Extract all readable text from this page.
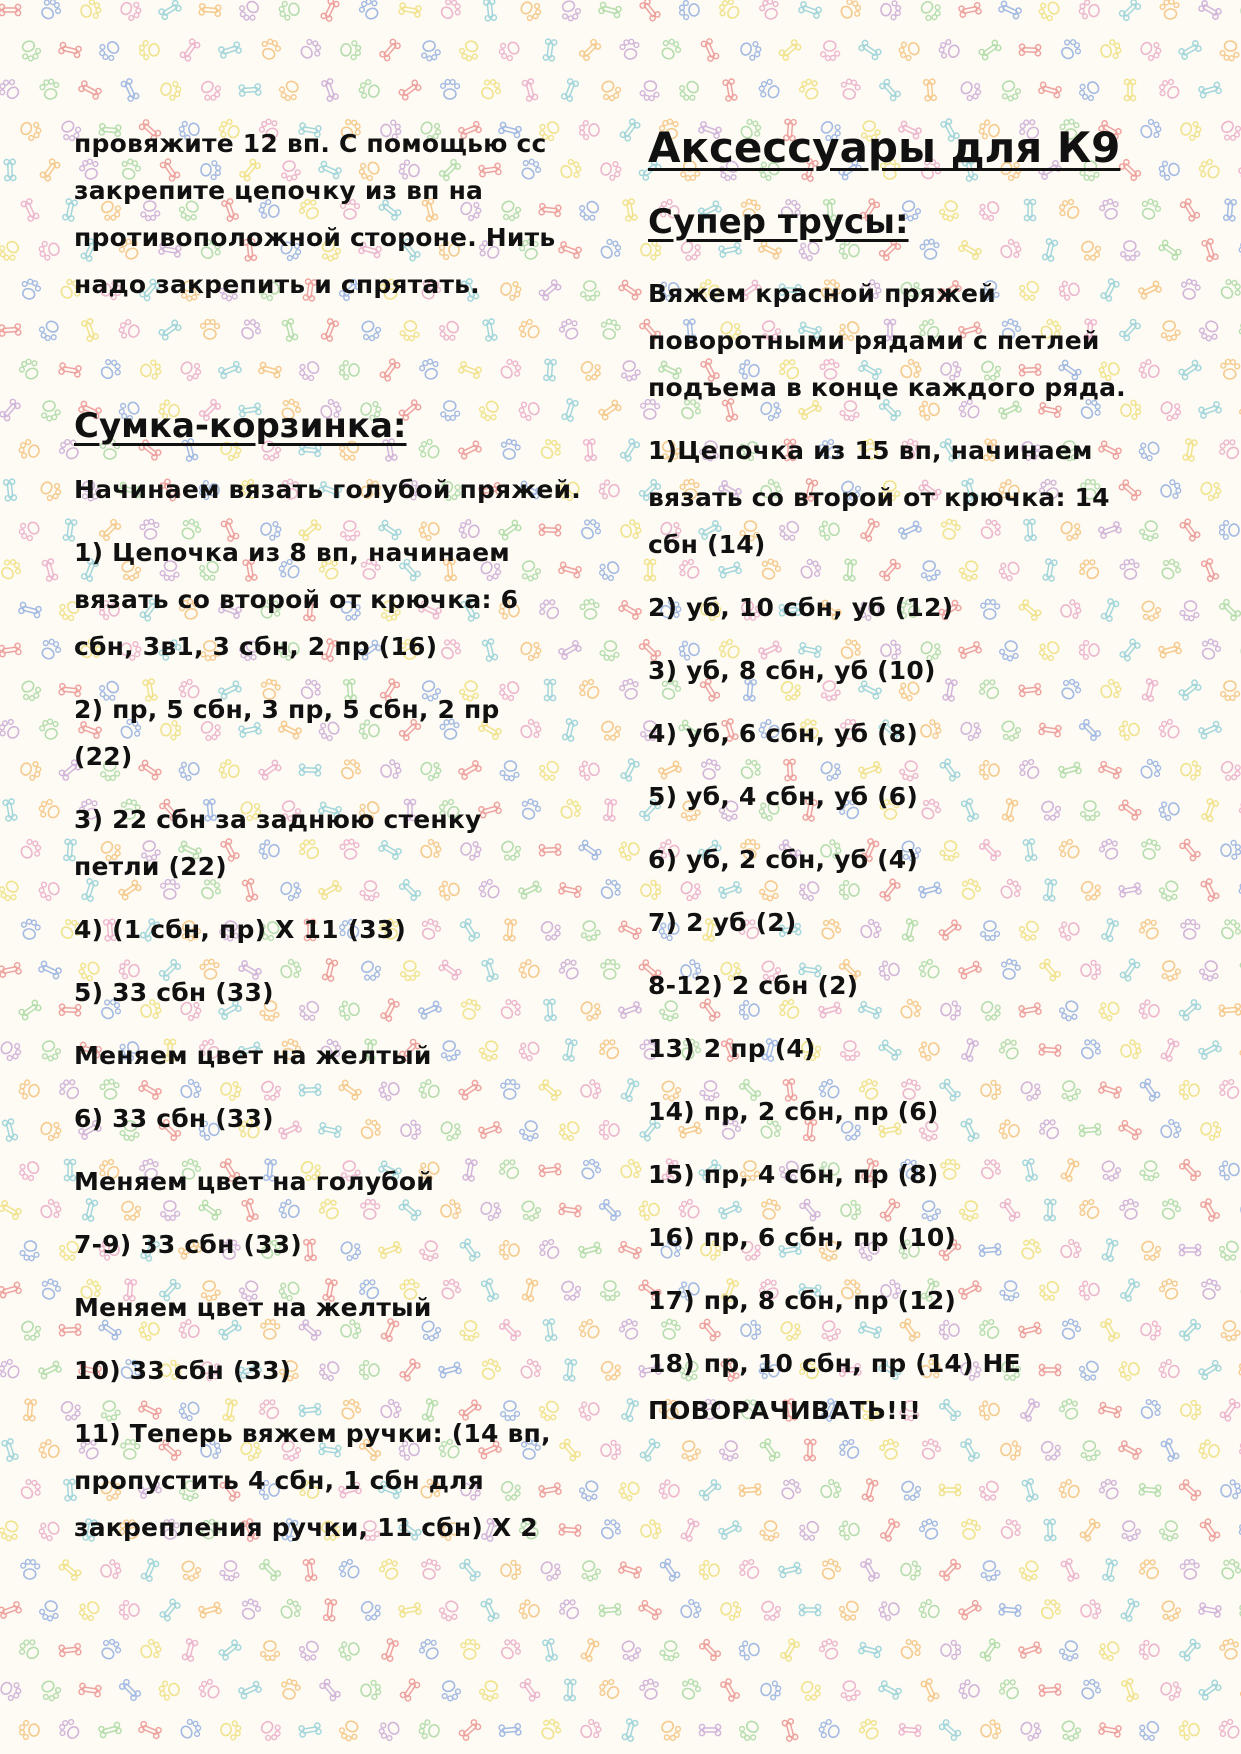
провяжите 12 вп. С помощью сс

закрепите цепочку из вп на

противоположной стороне. Нить

надо закрепить и спрятать.

Сумка-корзинка:

Начинаем вязать голубой пряжей.

1) Цепочка из 8 вп, начинаем

вязать со второй от крючка: 6

сбн, 3в1, 3 сбн, 2 пр (16)

2) пр, 5 сбн, 3 пр, 5 сбн, 2 пр

(22)

3) 22 сбн за заднюю стенку

петли (22)

4) (1 сбн, пр) Х 11 (33)

5) 33 сбн (33)

Меняем цвет на желтый

6) 33 сбн (33)

Меняем цвет на голубой

7-9) 33 сбн (33)

Меняем цвет на желтый

10) 33 сбн (33)

11) Теперь вяжем ручки: (14 вп,

пропустить 4 сбн, 1 сбн для

закрепления ручки, 11 сбн) Х 2

Аксессуары для К9
Супер трусы:

Вяжем красной пряжей

поворотными рядами с петлей

подъема в конце каждого ряда.

1)Цепочка из 15 вп, начинаем

вязать со второй от крючка: 14

сбн (14)

2) уб, 10 сбн, уб (12)

3) уб, 8 сбн, уб (10)

4) уб, 6 сбн, уб (8)

5) уб, 4 сбн, уб (6)

6) уб, 2 сбн, уб (4)

7) 2 уб (2)

8-12) 2 сбн (2)

13) 2 пр (4)

14) пр, 2 сбн, пр (6)

15) пр, 4 сбн, пр (8)

16) пр, 6 сбн, пр (10)

17) пр, 8 сбн, пр (12)

18) пр, 10 сбн, пр (14) НЕ

ПОВОРАЧИВАТЬ!!!
